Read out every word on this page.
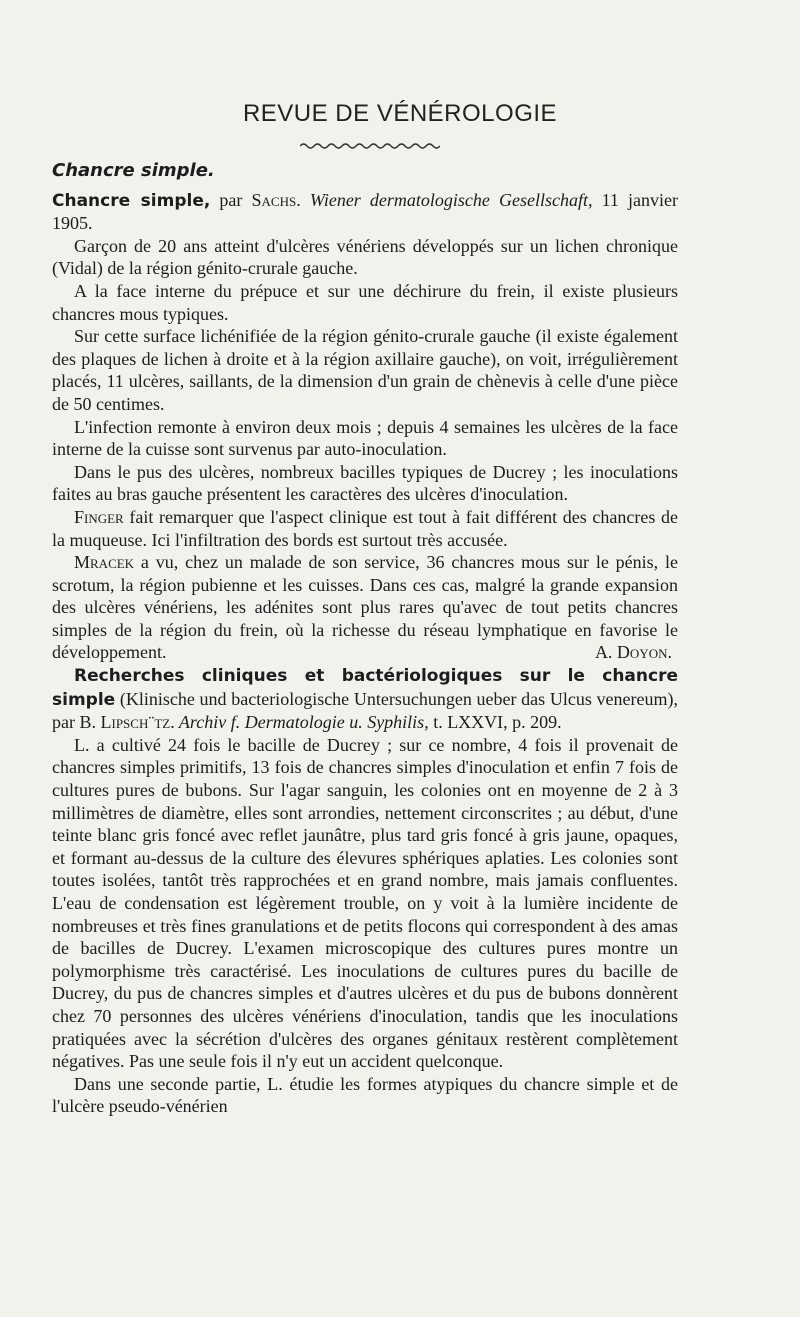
REVUE DE VÉNÉROLOGIE
Chancre simple.

Chancre simple, par Sachs. Wiener dermatologische Gesellschaft, 11 janvier 1905.

Garçon de 20 ans atteint d'ulcères vénériens développés sur un lichen chronique (Vidal) de la région génito-crurale gauche.

A la face interne du prépuce et sur une déchirure du frein, il existe plusieurs chancres mous typiques.

Sur cette surface lichénifiée de la région génito-crurale gauche (il existe également des plaques de lichen à droite et à la région axillaire gauche), on voit, irrégulièrement placés, 11 ulcères, saillants, de la dimension d'un grain de chènevis à celle d'une pièce de 50 centimes.

L'infection remonte à environ deux mois ; depuis 4 semaines les ulcères de la face interne de la cuisse sont survenus par auto-inoculation.

Dans le pus des ulcères, nombreux bacilles typiques de Ducrey ; les inoculations faites au bras gauche présentent les caractères des ulcères d'inoculation.

Finger fait remarquer que l'aspect clinique est tout à fait différent des chancres de la muqueuse. Ici l'infiltration des bords est surtout très accusée.

Mracek a vu, chez un malade de son service, 36 chancres mous sur le pénis, le scrotum, la région pubienne et les cuisses. Dans ces cas, malgré la grande expansion des ulcères vénériens, les adénites sont plus rares qu'avec de tout petits chancres simples de la région du frein, où la richesse du réseau lymphatique en favorise le développement.	A. Doyon.

Recherches cliniques et bactériologiques sur le chancre simple (Klinische und bacteriologische Untersuchungen ueber das Ulcus venereum), par B. Lipsch¨tz. Archiv f. Dermatologie u. Syphilis, t. LXXVI, p. 209.

L. a cultivé 24 fois le bacille de Ducrey ; sur ce nombre, 4 fois il provenait de chancres simples primitifs, 13 fois de chancres simples d'inoculation et enfin 7 fois de cultures pures de bubons. Sur l'agar sanguin, les colonies ont en moyenne de 2 à 3 millimètres de diamètre, elles sont arrondies, nettement circonscrites ; au début, d'une teinte blanc gris foncé avec reflet jaunâtre, plus tard gris foncé à gris jaune, opaques, et formant au-dessus de la culture des élevures sphériques aplaties. Les colonies sont toutes isolées, tantôt très rapprochées et en grand nombre, mais jamais confluentes. L'eau de condensation est légèrement trouble, on y voit à la lumière incidente de nombreuses et très fines granulations et de petits flocons qui correspondent à des amas de bacilles de Ducrey. L'examen microscopique des cultures pures montre un polymorphisme très caractérisé. Les inoculations de cultures pures du bacille de Ducrey, du pus de chancres simples et d'autres ulcères et du pus de bubons donnèrent chez 70 personnes des ulcères vénériens d'inoculation, tandis que les inoculations pratiquées avec la sécrétion d'ulcères des organes génitaux restèrent complètement négatives. Pas une seule fois il n'y eut un accident quelconque.

Dans une seconde partie, L. étudie les formes atypiques du chancre simple et de l'ulcère pseudo-vénérien
